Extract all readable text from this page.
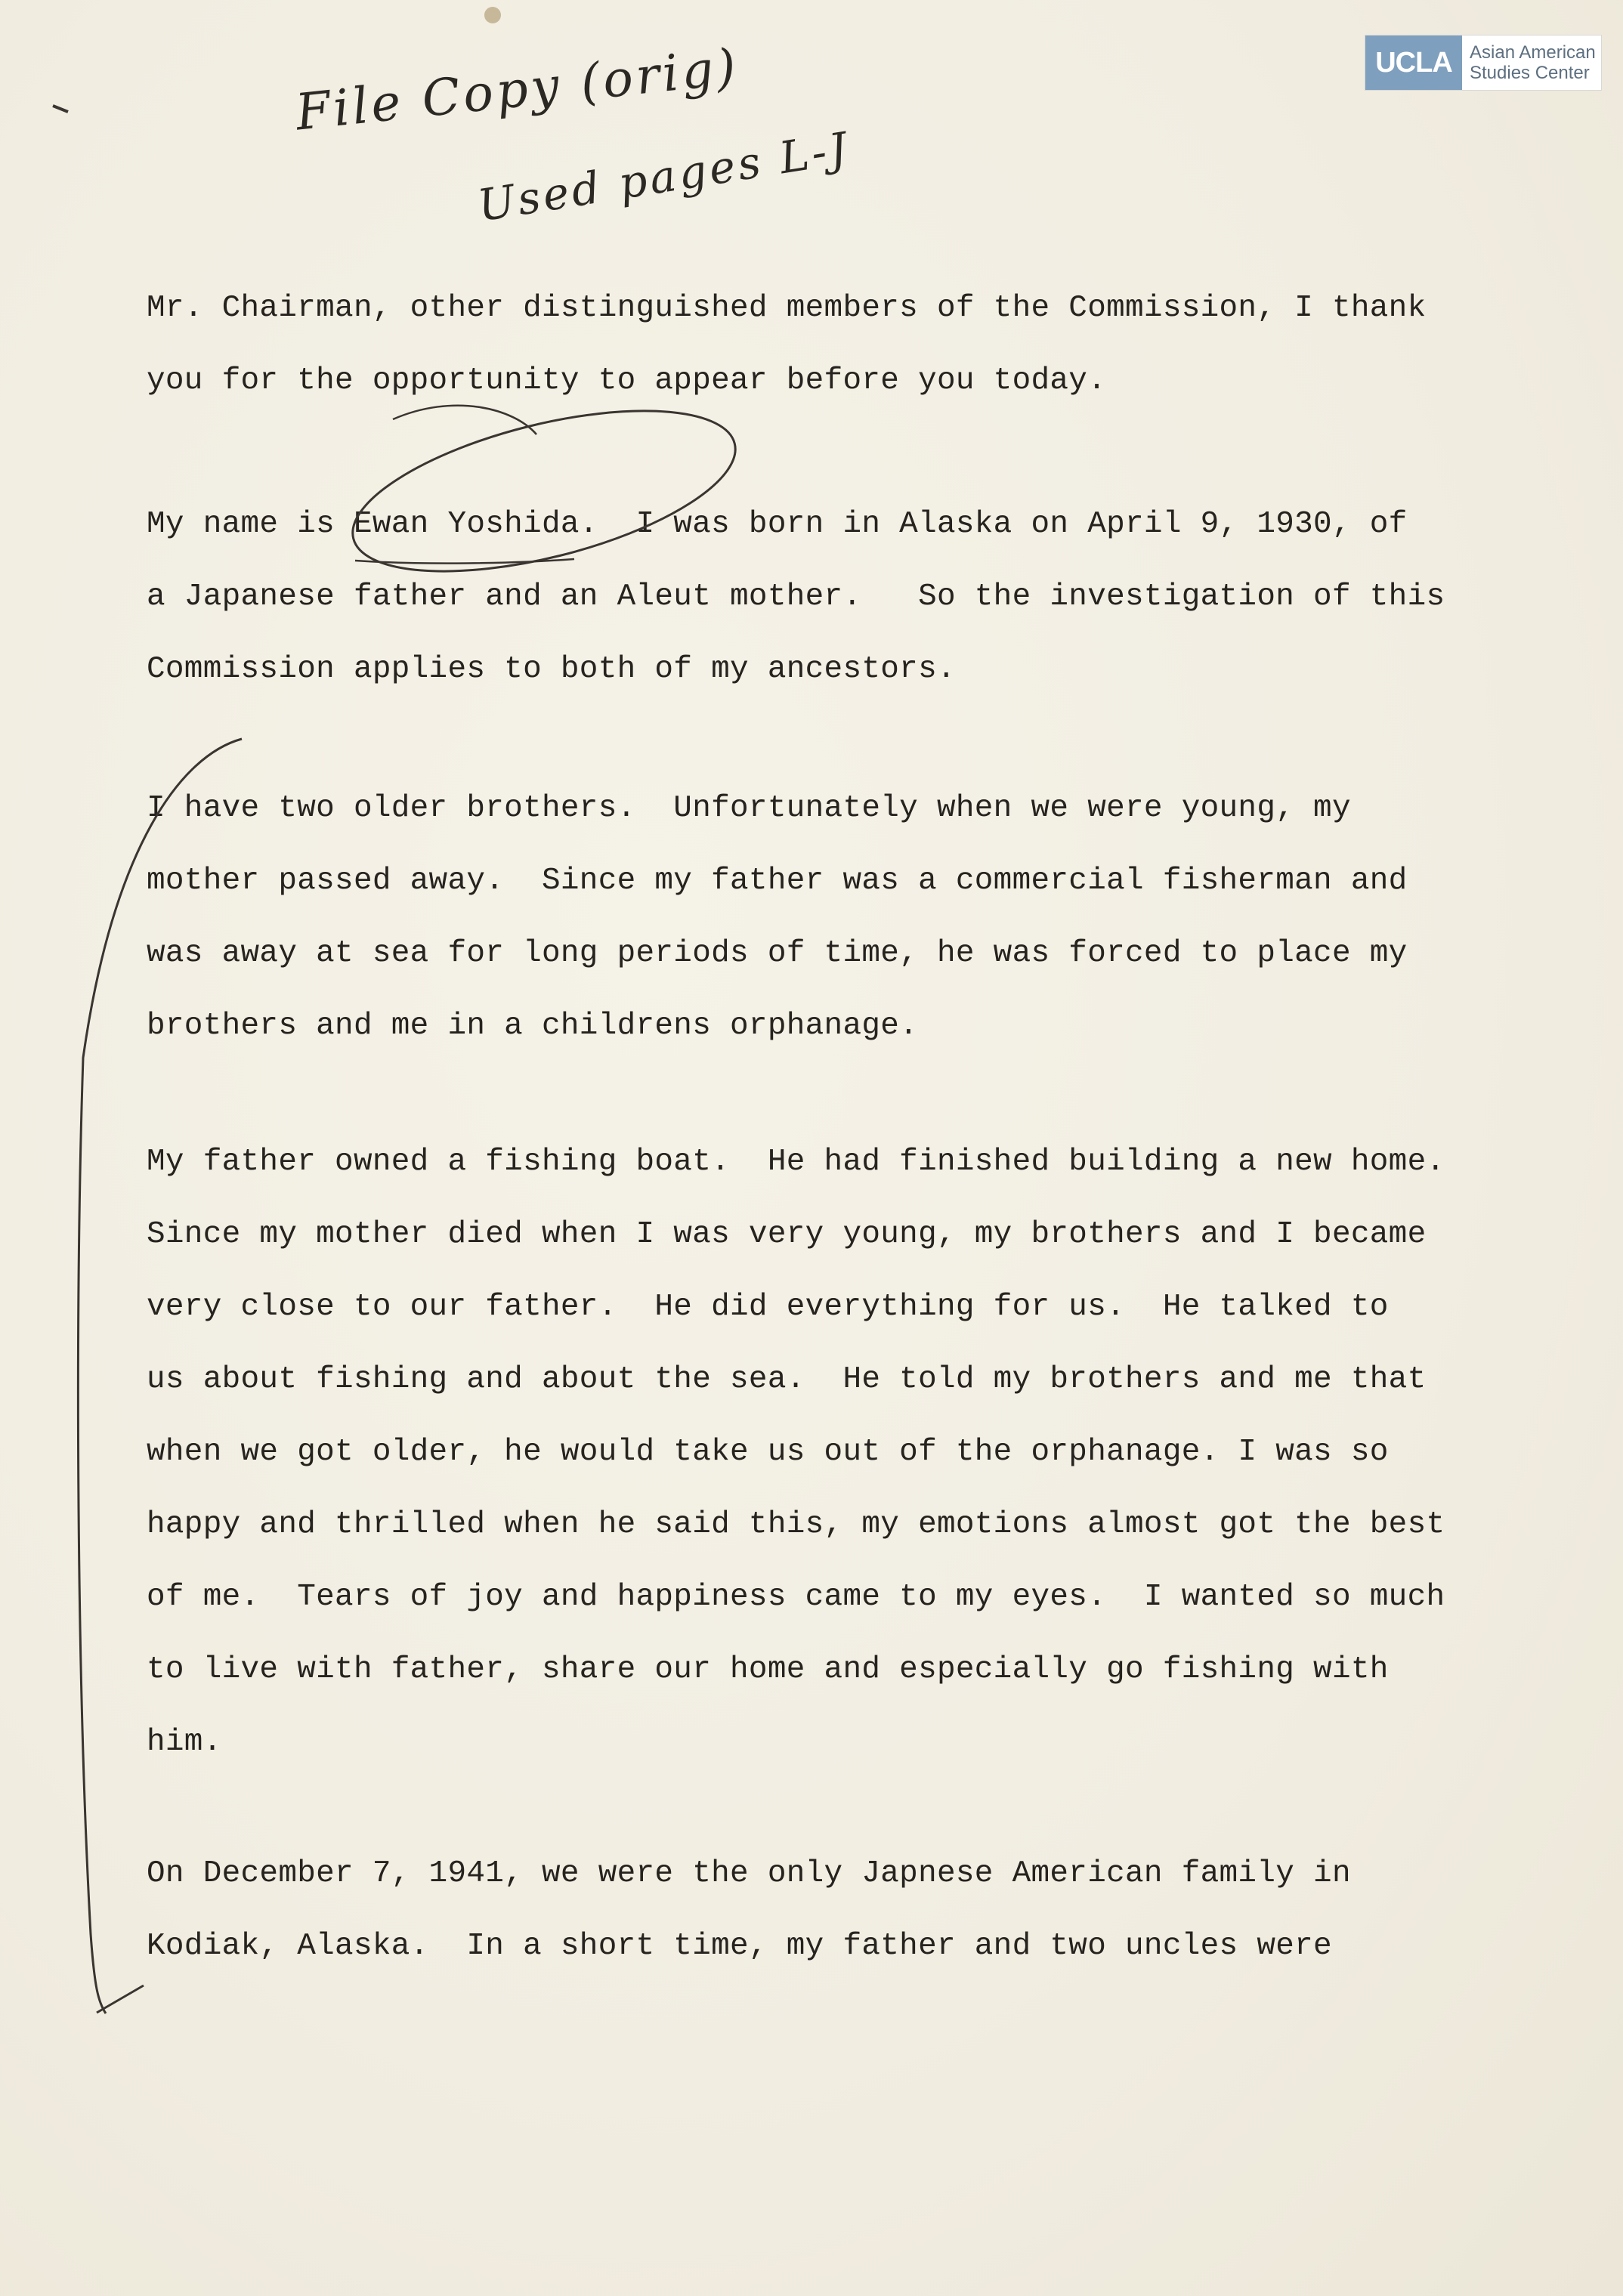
UCLA Asian American
Studies Center
File Copy (orig)
Used pages L-J
Mr. Chairman, other distinguished members of the Commission, I thank
you for the opportunity to appear before you today.
My name is Ewan Yoshida.  I was born in Alaska on April 9, 1930, of
a Japanese father and an Aleut mother.   So the investigation of this
Commission applies to both of my ancestors.
I have two older brothers.  Unfortunately when we were young, my
mother passed away.  Since my father was a commercial fisherman and
was away at sea for long periods of time, he was forced to place my
brothers and me in a childrens orphanage.
My father owned a fishing boat.  He had finished building a new home.
Since my mother died when I was very young, my brothers and I became
very close to our father.  He did everything for us.  He talked to
us about fishing and about the sea.  He told my brothers and me that
when we got older, he would take us out of the orphanage. I was so
happy and thrilled when he said this, my emotions almost got the best
of me.  Tears of joy and happiness came to my eyes.  I wanted so much
to live with father, share our home and especially go fishing with
him.
On December 7, 1941, we were the only Japnese American family in
Kodiak, Alaska.  In a short time, my father and two uncles were
